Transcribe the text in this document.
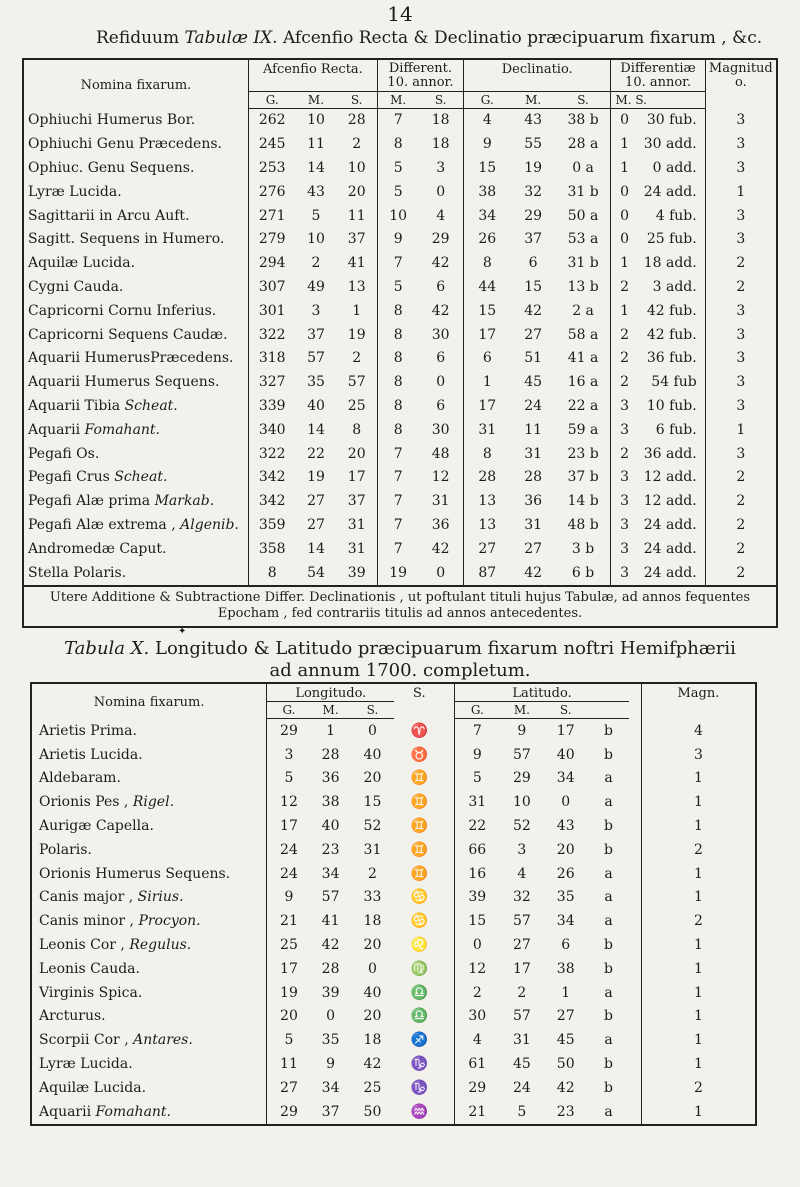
14
Refiduum Tabulæ IX. Afcenfio Recta & Declinatio præcipuarum fixarum , &c.
Nomina fixarum.	Afcenfio Recta.			Different. 10. annor.		Declinatio.			Differentiæ 10. annor.		Magnitudo.
	G.	M.	S.	M.	S.	G.	M.	S.	M. S.		
Ophiuchi Humerus Bor.	262	10	28	7	18	4	43	38 b	0	30 fub.	3
Ophiuchi Genu Præcedens.	245	11	2	8	18	9	55	28 a	1	30 add.	3
Ophiuc. Genu Sequens.	253	14	10	5	3	15	19	0 a	1	0 add.	3
Lyræ Lucida.	276	43	20	5	0	38	32	31 b	0	24 add.	1
Sagittarii in Arcu Auft.	271	5	11	10	4	34	29	50 a	0	4 fub.	3
Sagitt. Sequens in Humero.	279	10	37	9	29	26	37	53 a	0	25 fub.	3
Aquilæ Lucida.	294	2	41	7	42	8	6	31 b	1	18 add.	2
Cygni Cauda.	307	49	13	5	6	44	15	13 b	2	3 add.	2
Capricorni Cornu Inferius.	301	3	1	8	42	15	42	2 a	1	42 fub.	3
Capricorni Sequens Caudæ.	322	37	19	8	30	17	27	58 a	2	42 fub.	3
Aquarii HumerusPræcedens.	318	57	2	8	6	6	51	41 a	2	36 fub.	3
Aquarii Humerus Sequens.	327	35	57	8	0	1	45	16 a	2	54 fub	3
Aquarii Tibia Scheat.	339	40	25	8	6	17	24	22 a	3	10 fub.	3
Aquarii Fomahant.	340	14	8	8	30	31	11	59 a	3	6 fub.	1
Pegafi Os.	322	22	20	7	48	8	31	23 b	2	36 add.	3
Pegafi Crus Scheat.	342	19	17	7	12	28	28	37 b	3	12 add.	2
Pegafi Alæ prima Markab.	342	27	37	7	31	13	36	14 b	3	12 add.	2
Pegafi Alæ extrema , Algenib.	359	27	31	7	36	13	31	48 b	3	24 add.	2
Andromedæ Caput.	358	14	31	7	42	27	27	3 b	3	24 add.	2
Stella Polaris.	8	54	39	19	0	87	42	6 b	3	24 add.	2
Utere Additione & Subtractione Differ. Declinationis , ut poftulant tituli hujus Tabulæ, ad annos fequentes Epocham , fed contrariis titulis ad annos antecedentes.											
✦
Tabula X. Longitudo & Latitudo præcipuarum fixarum noftri Hemifphærii
ad annum 1700. completum.
Nomina fixarum.	Longitudo.			S.		Latitudo.					Magn.
	G.	M.	S.			G.	M.	S.			
Arietis Prima.	29	1	0	♈		7	9	17	b		4
Arietis Lucida.	3	28	40	♉		9	57	40	b		3
Aldebaram.	5	36	20	♊		5	29	34	a		1
Orionis Pes , Rigel.	12	38	15	♊		31	10	0	a		1
Aurigæ Capella.	17	40	52	♊		22	52	43	b		1
Polaris.	24	23	31	♊		66	3	20	b		2
Orionis Humerus Sequens.	24	34	2	♊		16	4	26	a		1
Canis major , Sirius.	9	57	33	♋		39	32	35	a		1
Canis minor , Procyon.	21	41	18	♋		15	57	34	a		2
Leonis Cor , Regulus.	25	42	20	♌		0	27	6	b		1
Leonis Cauda.	17	28	0	♍		12	17	38	b		1
Virginis Spica.	19	39	40	♎		2	2	1	a		1
Arcturus.	20	0	20	♎		30	57	27	b		1
Scorpii Cor , Antares.	5	35	18	♐		4	31	45	a		1
Lyræ Lucida.	11	9	42	♑		61	45	50	b		1
Aquilæ Lucida.	27	34	25	♑		29	24	42	b		2
Aquarii Fomahant.	29	37	50	♒		21	5	23	a		1
